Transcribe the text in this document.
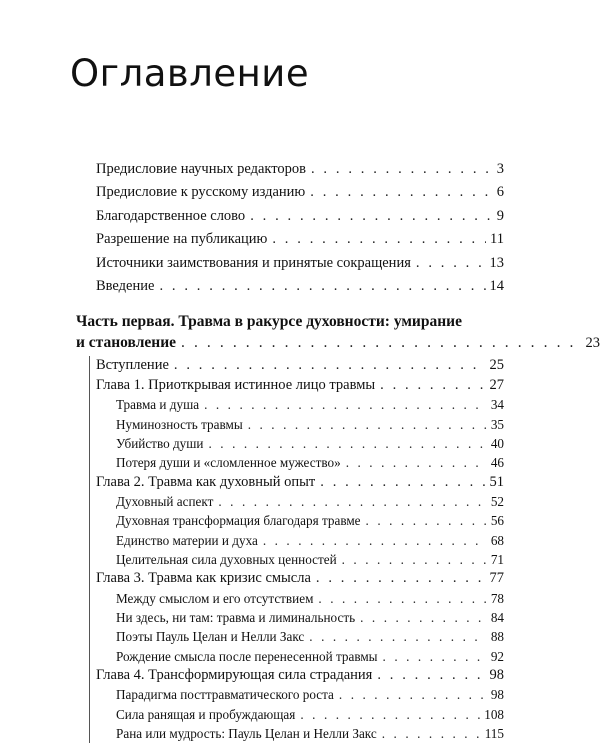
Оглавление
Предисловие научных редакторов . . .	3
Предисловие к русскому изданию . . .	6
Благодарственное слово . . .	9
Разрешение на публикацию . . .	11
Источники заимствования и принятые сокращения . . .	13
Введение . . .	14
Часть первая. Травма в ракурсе духовности: умирание
и становление . . .	23
Вступление . . .	25
Глава 1. Приоткрывая истинное лицо травмы . . .	27
Травма и душа . . .	34
Нуминозность травмы . . .	35
Убийство души . . .	40
Потеря души и «сломленное мужество» . . .	46
Глава 2. Травма как духовный опыт . . .	51
Духовный аспект . . .	52
Духовная трансформация благодаря травме . . .	56
Единство материи и духа . . .	68
Целительная сила духовных ценностей . . .	71
Глава 3. Травма как кризис смысла . . .	77
Между смыслом и его отсутствием . . .	78
Ни здесь, ни там: травма и лиминальность . . .	84
Поэты Пауль Целан и Нелли Закс . . .	88
Рождение смысла после перенесенной травмы . . .	92
Глава 4. Трансформирующая сила страдания . . .	98
Парадигма посттравматического роста . . .	98
Сила ранящая и пробуждающая . . .	108
Рана или мудрость: Пауль Целан и Нелли Закс . . .	115
